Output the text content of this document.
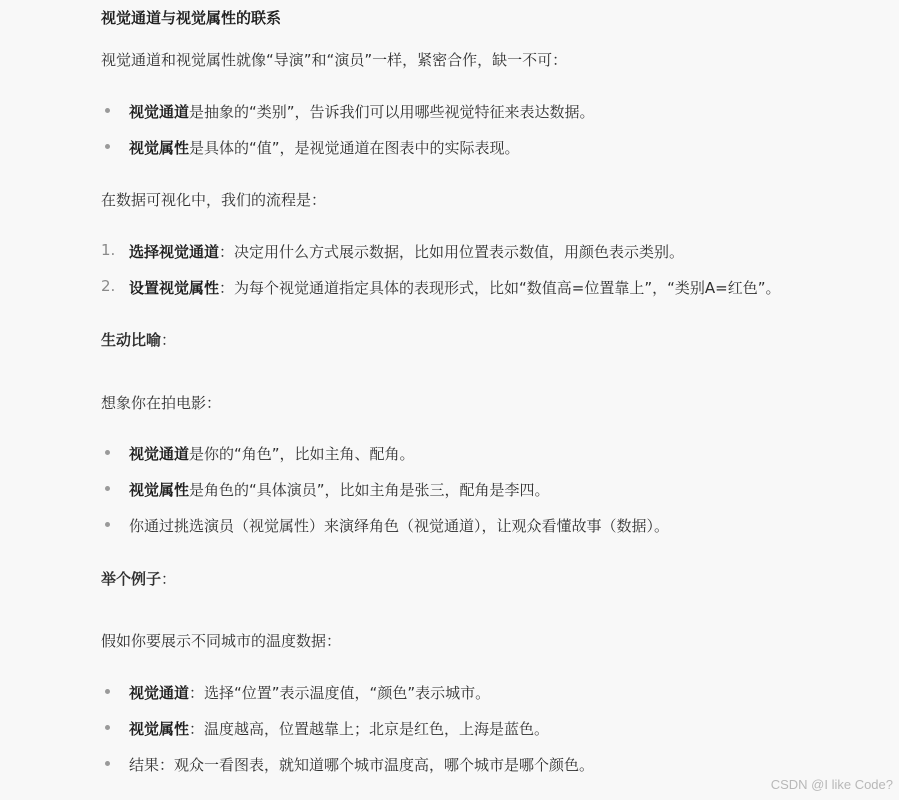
视觉通道与视觉属性的联系
视觉通道和视觉属性就像“导演”和“演员”一样，紧密合作，缺一不可：
视觉通道是抽象的“类别”，告诉我们可以用哪些视觉特征来表达数据。
视觉属性是具体的“值”，是视觉通道在图表中的实际表现。
在数据可视化中，我们的流程是：
1. 选择视觉通道：决定用什么方式展示数据，比如用位置表示数值，用颜色表示类别。
2. 设置视觉属性：为每个视觉通道指定具体的表现形式，比如“数值高=位置靠上”，“类别A=红色”。
生动比喻：
想象你在拍电影：
视觉通道是你的“角色”，比如主角、配角。
视觉属性是角色的“具体演员”，比如主角是张三，配角是李四。
你通过挑选演员（视觉属性）来演绎角色（视觉通道），让观众看懂故事（数据）。
举个例子：
假如你要展示不同城市的温度数据：
视觉通道：选择“位置”表示温度值，“颜色”表示城市。
视觉属性：温度越高，位置越靠上；北京是红色，上海是蓝色。
结果：观众一看图表，就知道哪个城市温度高，哪个城市是哪个颜色。
CSDN @I like Code?
